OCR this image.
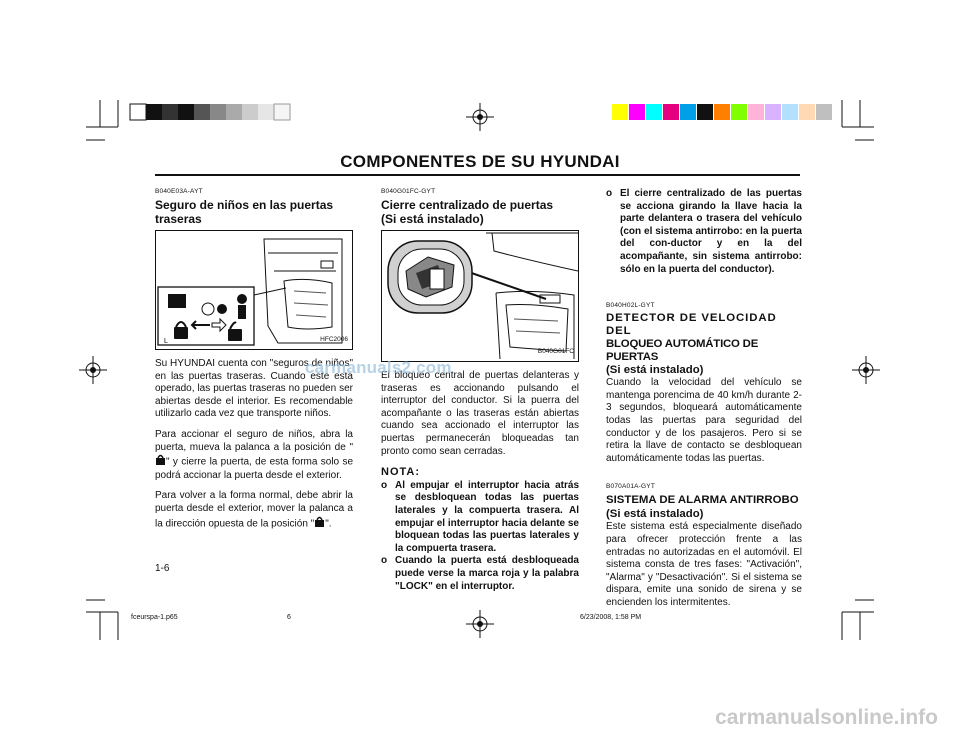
COMPONENTES DE SU HYUNDAI
B040E03A-AYT
Seguro de niños en las puertas traseras
L	HFC2006

Su HYUNDAI cuenta con "seguros de niños" en las puertas traseras. Cuando este esta operado, las puertas traseras no pueden ser abiertas desde el interior. Es recomendable utilizarlo cada vez que transporte niños.

Para accionar el seguro de niños, abra la puerta, mueva la palanca a la posición de "" y cierre la puerta, de esta forma solo se podrá accionar la puerta desde el exterior.

Para volver a la forma normal, debe abrir la puerta desde el exterior, mover la palanca a la dirección opuesta de la posición " ".

B040G01FC-GYT
Cierre centralizado de puertas
(Si está instalado)
B040G01FC

El bloqueo central de puertas delanteras y traseras es accionando pulsando el interruptor del conductor. Si la puerra del acompañante o las traseras están abiertas cuando sea accionado el interruptor las puertas permanecerán bloqueadas tan pronto como sean cerradas.

NOTA:
o Al empujar el interruptor hacia atrás se desbloquean todas las puertas laterales y la compuerta trasera. Al empujar el interruptor hacia delante se bloquean todas las puertas laterales y la compuerta trasera.
o Cuando la puerta está desbloqueada puede verse la marca roja y la palabra "LOCK" en el interruptor.
o El cierre centralizado de las puertas se acciona girando la llave hacia la parte delantera o trasera del vehículo (con el sistema antirrobo: en la puerta del con-ductor y en la del acompañante, sin sistema antirrobo: sólo en la puerta del conductor).
B040H02L-GYT
DETECTOR DE VELOCIDAD DEL
BLOQUEO AUTOMÁTICO DE PUERTAS
(Si está instalado)

Cuando la velocidad del vehículo se mantenga porencima de 40 km/h durante 2-3 segundos, bloqueará automáticamente todas las puertas para seguridad del conductor y de los pasajeros. Pero si se retira la llave de contacto se desbloquean automáticamente todas las puertas.

B070A01A-GYT
SISTEMA DE ALARMA ANTIRROBO
(Si está instalado)

Este sistema está especialmente diseñado para ofrecer protección frente a las entradas no autorizadas en el automóvil. El sistema consta de tres fases: "Activación", "Alarma" y "Desactivación". Si el sistema se dispara, emite una sonido de sirena y se encienden los intermitentes.

1-6
carmanuals2.com
fceurspa-1.p65	6	6/23/2008, 1:58 PM
carmanualsonline.info
